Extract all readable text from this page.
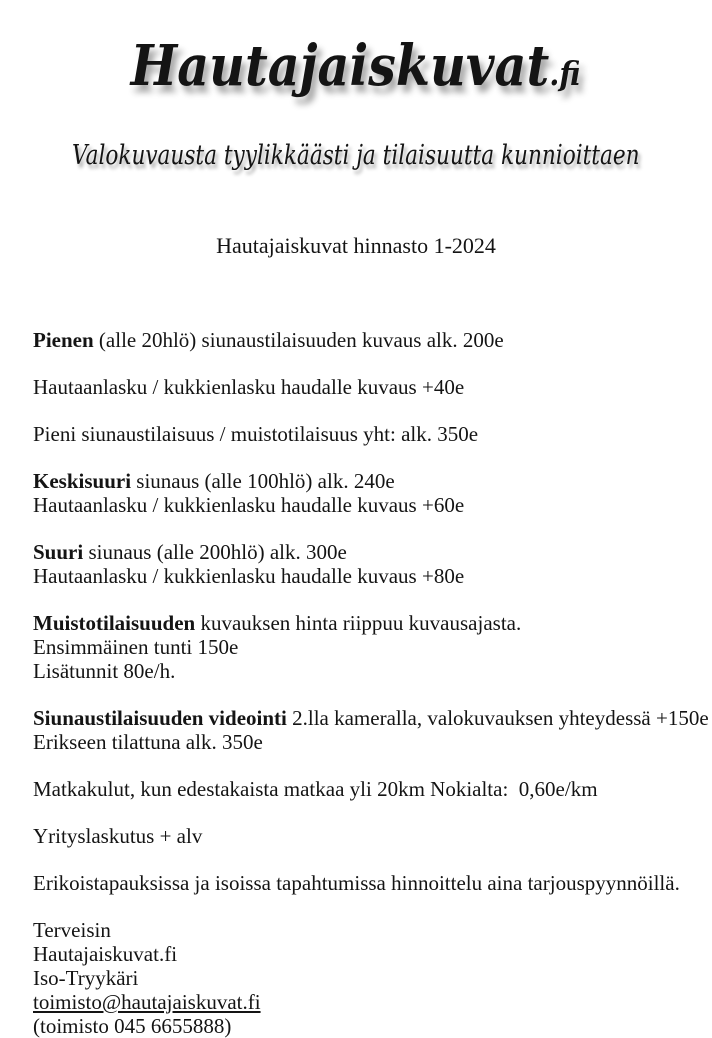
Hautajaiskuvat.fi
Valokuvausta tyylikkäästi ja tilaisuutta kunnioittaen
Hautajaiskuvat hinnasto 1-2024
Pienen (alle 20hlö) siunaustilaisuuden kuvaus alk. 200e
Hautaanlasku / kukkienlasku haudalle kuvaus +40e
Pieni siunaustilaisuus / muistotilaisuus yht: alk. 350e
Keskisuuri siunaus (alle 100hlö) alk. 240e
Hautaanlasku / kukkienlasku haudalle kuvaus +60e
Suuri siunaus (alle 200hlö) alk. 300e
Hautaanlasku / kukkienlasku haudalle kuvaus +80e
Muistotilaisuuden kuvauksen hinta riippuu kuvausajasta.
Ensimmäinen tunti 150e
Lisätunnit 80e/h.
Siunaustilaisuuden videointi 2.lla kameralla, valokuvauksen yhteydessä +150e
Erikseen tilattuna alk. 350e
Matkakulut, kun edestakaista matkaa yli 20km Nokialta:  0,60e/km
Yrityslaskutus + alv
Erikoistapauksissa ja isoissa tapahtumissa hinnoittelu aina tarjouspyynnöillä.
Terveisin
Hautajaiskuvat.fi
Iso-Tryykäri
toimisto@hautajaiskuvat.fi
(toimisto 045 6655888)
